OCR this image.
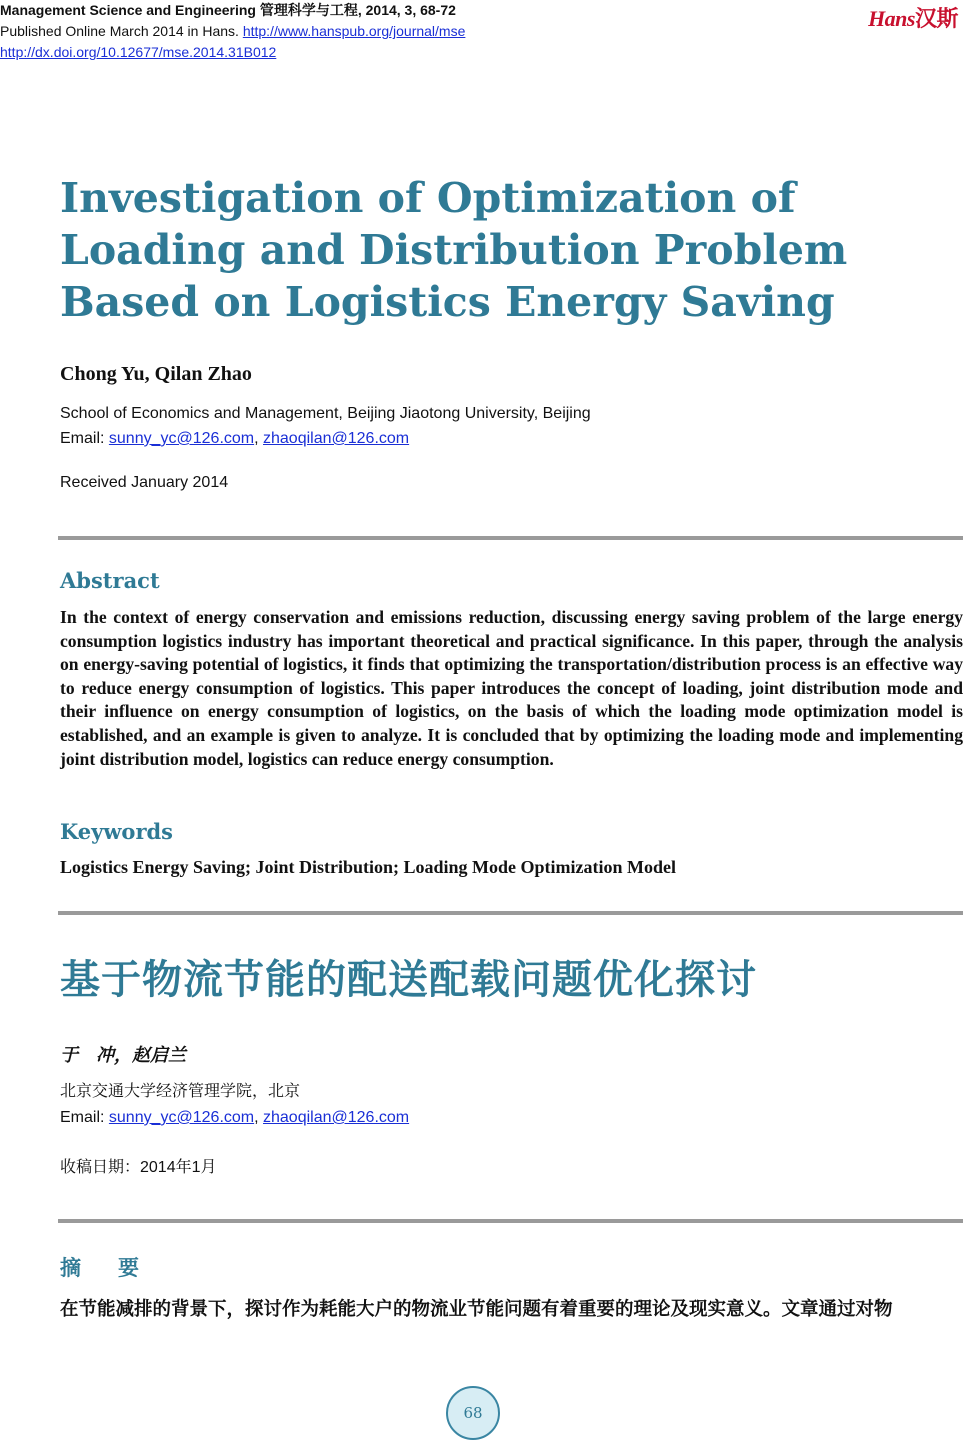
Management Science and Engineering 管理科学与工程, 2014, 3, 68-72
Published Online March 2014 in Hans. http://www.hanspub.org/journal/mse
http://dx.doi.org/10.12677/mse.2014.31B012
Hans汉斯
Investigation of Optimization of Loading and Distribution Problem Based on Logistics Energy Saving
Chong Yu, Qilan Zhao
School of Economics and Management, Beijing Jiaotong University, Beijing
Email: sunny_yc@126.com, zhaoqilan@126.com
Received January 2014
Abstract

In the context of energy conservation and emissions reduction, discussing energy saving problem of the large energy consumption logistics industry has important theoretical and practical significance. In this paper, through the analysis on energy-saving potential of logistics, it finds that optimizing the transportation/distribution process is an effective way to reduce energy consumption of logistics. This paper introduces the concept of loading, joint distribution mode and their influence on energy consumption of logistics, on the basis of which the loading mode optimization model is established, and an example is given to analyze. It is concluded that by optimizing the loading mode and implementing joint distribution model, logistics can reduce energy consumption.

Keywords
Logistics Energy Saving; Joint Distribution; Loading Mode Optimization Model
基于物流节能的配送配载问题优化探讨
于　冲，赵启兰
北京交通大学经济管理学院，北京
Email: sunny_yc@126.com, zhaoqilan@126.com
收稿日期：2014年1月
摘　要

在节能减排的背景下，探讨作为耗能大户的物流业节能问题有着重要的理论及现实意义。文章通过对物

68
